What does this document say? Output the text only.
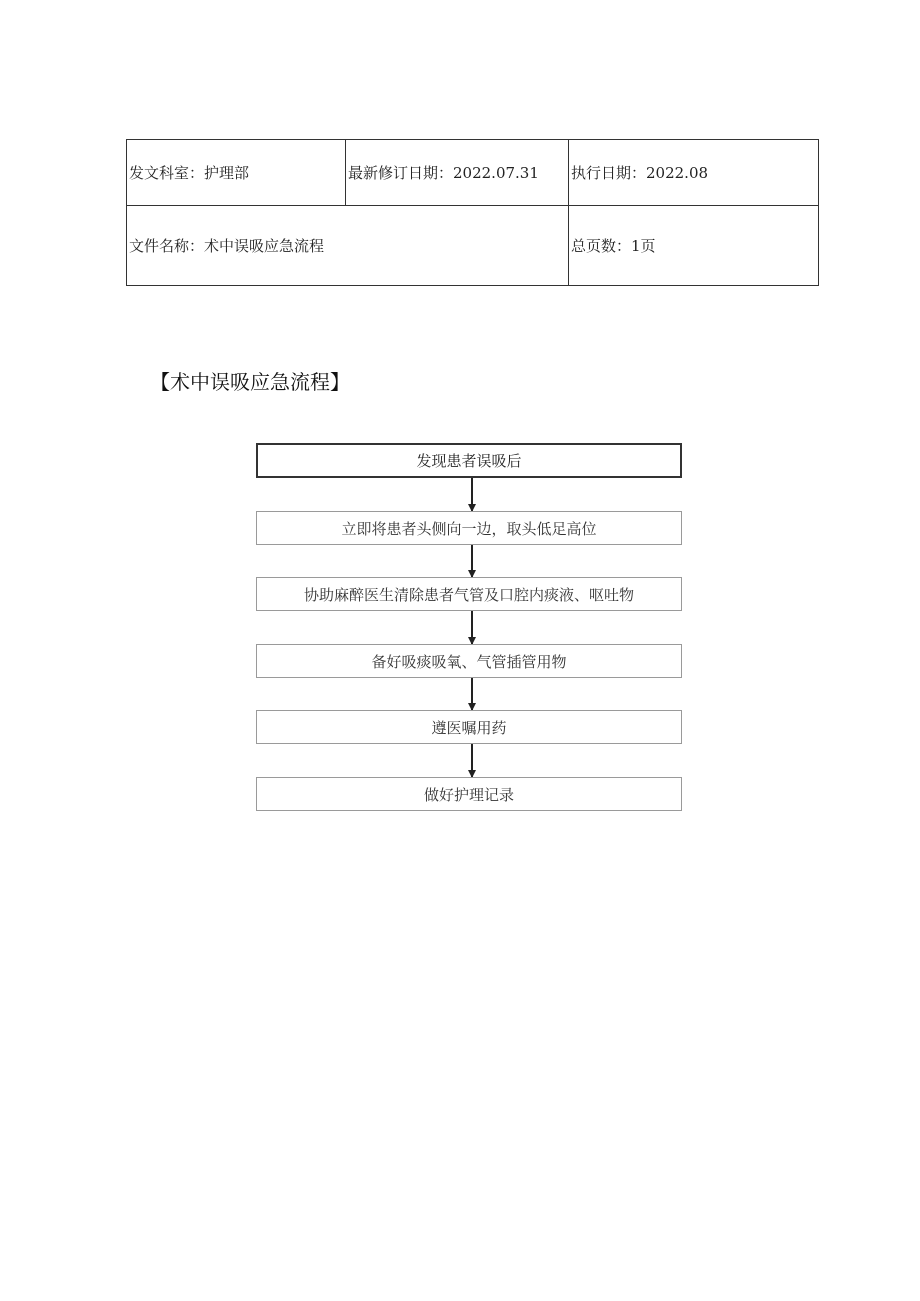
发文科室：护理部	最新修订日期：2022.07.31	执行日期：2022.08
文件名称：术中误吸应急流程		总页数：1页
【术中误吸应急流程】
发现患者误吸后
立即将患者头侧向一边，取头低足高位
协助麻醉医生清除患者气管及口腔内痰液、呕吐物
备好吸痰吸氧、气管插管用物
遵医嘱用药
做好护理记录
